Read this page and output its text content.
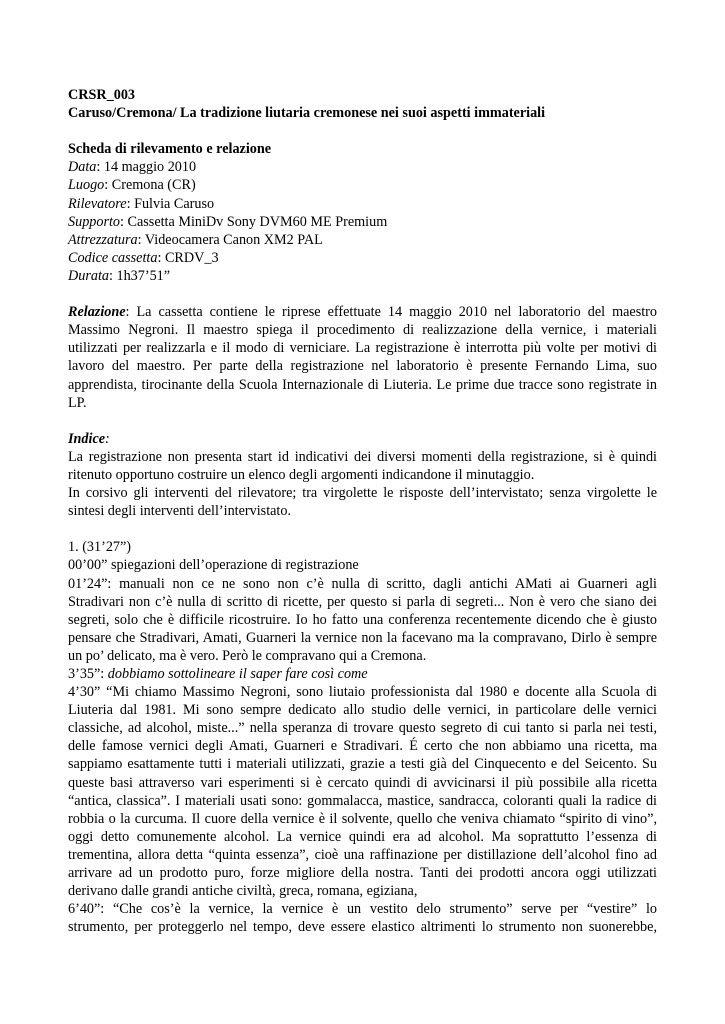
CRSR_003
Caruso/Cremona/ La tradizione liutaria cremonese nei suoi aspetti immateriali
Scheda di rilevamento e relazione
Data: 14 maggio 2010
Luogo: Cremona (CR)
Rilevatore: Fulvia Caruso
Supporto: Cassetta MiniDv Sony DVM60 ME Premium
Attrezzatura: Videocamera Canon XM2 PAL
Codice cassetta: CRDV_3
Durata: 1h37’51”
Relazione: La cassetta contiene le riprese effettuate 14 maggio 2010 nel laboratorio del maestro
Massimo Negroni. Il maestro spiega il procedimento di realizzazione della vernice, i materiali
utilizzati per realizzarla e il modo di verniciare. La registrazione è interrotta più volte per motivi di
lavoro del maestro. Per parte della registrazione nel laboratorio è presente Fernando Lima, suo
apprendista, tirocinante della Scuola Internazionale di Liuteria. Le prime due tracce sono registrate in
LP.
Indice:
La registrazione non presenta start id indicativi dei diversi momenti della registrazione, si è quindi
ritenuto opportuno costruire un elenco degli argomenti indicandone il minutaggio.
In corsivo gli interventi del rilevatore; tra virgolette le risposte dell’intervistato; senza virgolette le
sintesi degli interventi dell’intervistato.
1. (31’27”)
00’00” spiegazioni dell’operazione di registrazione
01’24”: manuali non ce ne sono non c’è nulla di scritto, dagli antichi AMati ai Guarneri agli
Stradivari non c’è nulla di scritto di ricette, per questo si parla di segreti... Non è vero che siano dei
segreti, solo che è difficile ricostruire. Io ho fatto una conferenza recentemente dicendo che è giusto
pensare che Stradivari, Amati, Guarneri la vernice non la facevano ma la compravano, Dirlo è sempre
un po’ delicato, ma è vero. Però le compravano qui a Cremona.
3’35”: dobbiamo sottolineare il saper fare così come
4’30” “Mi chiamo Massimo Negroni, sono liutaio professionista dal 1980 e docente alla Scuola di
Liuteria dal 1981. Mi sono sempre dedicato allo studio delle vernici, in particolare delle vernici
classiche, ad alcohol, miste...” nella speranza di trovare questo segreto di cui tanto si parla nei testi,
delle famose vernici degli Amati, Guarneri e Stradivari. É certo che non abbiamo una ricetta, ma
sappiamo esattamente tutti i materiali utilizzati, grazie a testi già del Cinquecento e del Seicento. Su
queste basi attraverso vari esperimenti si è cercato quindi di avvicinarsi il più possibile alla ricetta
“antica, classica”. I materiali usati sono: gommalacca, mastice, sandracca, coloranti quali la radice di
robbia o la curcuma. Il cuore della vernice è il solvente, quello che veniva chiamato “spirito di vino”,
oggi detto comunemente alcohol. La vernice quindi era ad alcohol. Ma soprattutto l’essenza di
trementina, allora detta “quinta essenza”, cioè una raffinazione per distillazione dell’alcohol fino ad
arrivare ad un prodotto puro, forze migliore della nostra. Tanti dei prodotti ancora oggi utilizzati
derivano dalle grandi antiche civiltà, greca, romana, egiziana,
6’40”: “Che cos’è la vernice, la vernice è un vestito delo strumento” serve per “vestire” lo
strumento, per proteggerlo nel tempo, deve essere elastico altrimenti lo strumento non suonerebbe,
